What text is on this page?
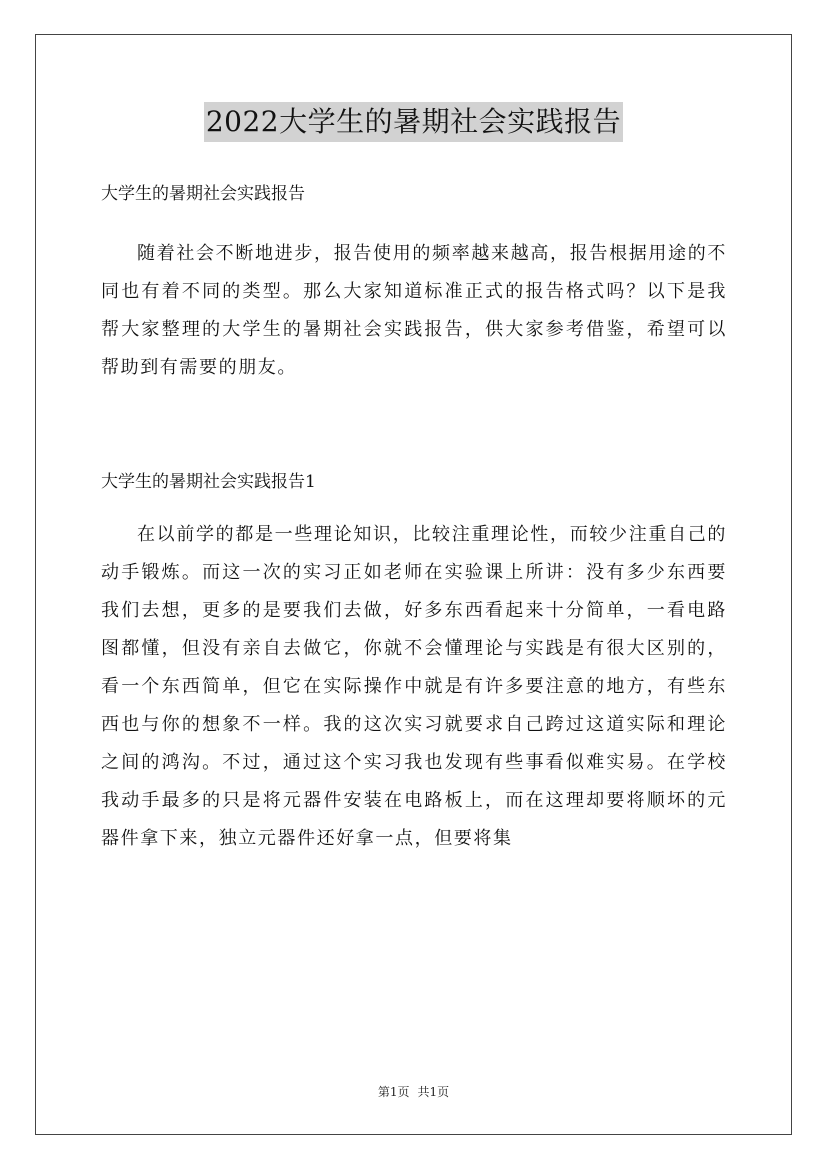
2022大学生的暑期社会实践报告

大学生的暑期社会实践报告

随着社会不断地进步，报告使用的频率越来越高，报告根据用途的不同也有着不同的类型。那么大家知道标准正式的报告格式吗？以下是我帮大家整理的大学生的暑期社会实践报告，供大家参考借鉴，希望可以帮助到有需要的朋友。

大学生的暑期社会实践报告1

在以前学的都是一些理论知识，比较注重理论性，而较少注重自己的动手锻炼。而这一次的实习正如老师在实验课上所讲：没有多少东西要我们去想，更多的是要我们去做，好多东西看起来十分简单，一看电路图都懂，但没有亲自去做它，你就不会懂理论与实践是有很大区别的，看一个东西简单，但它在实际操作中就是有许多要注意的地方，有些东西也与你的想象不一样。我的这次实习就要求自己跨过这道实际和理论之间的鸿沟。不过，通过这个实习我也发现有些事看似难实易。在学校我动手最多的只是将元器件安装在电路板上，而在这理却要将顺坏的元器件拿下来，独立元器件还好拿一点，但要将集

第1页 共1页
